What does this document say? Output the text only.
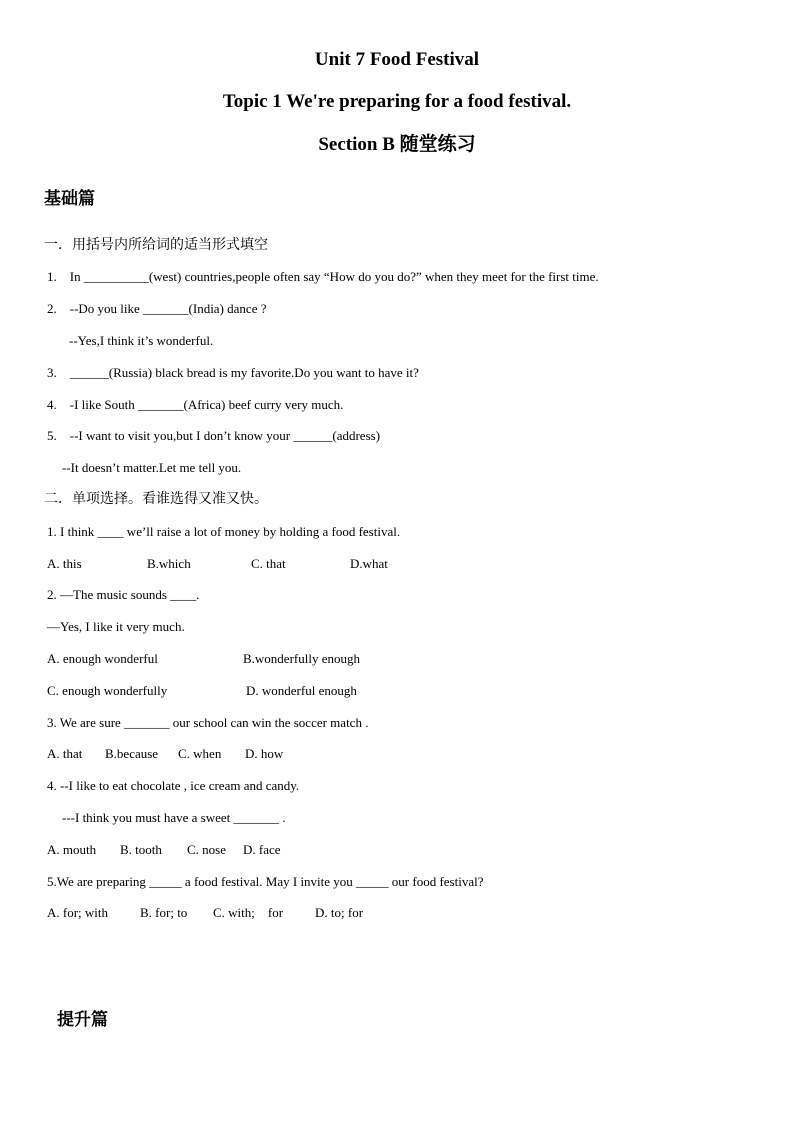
Unit 7 Food Festival
Topic 1 We're preparing for a food festival.
Section B 随堂练习
基础篇
一．用括号内所给词的适当形式填空
1.    In __________(west) countries,people often say “How do you do?” when they meet for the first time.
2.    --Do you like _______(India) dance ?
--Yes,I think it’s wonderful.
3.    ______(Russia) black bread is my favorite.Do you want to have it?
4.    -I like South _______(Africa) beef curry very much.
5.    --I want to visit you,but I don’t know your ______(address)
--It doesn’t matter.Let me tell you.
二．单项选择。看谁选得又准又快。
1. I think ____ we’ll raise a lot of money by holding a food festival.
A. this	B.which	C. that	D.what
2. —The music sounds ____.
—Yes, I like it very much.
A. enough wonderful	B.wonderfully enough
C. enough wonderfully	D. wonderful enough
3. We are sure _______ our school can win the soccer match .
A. that B.because C. when D. how
4. --I like to eat chocolate , ice cream and candy.
---I think you must have a sweet _______ .
A. mouth B. tooth C. nose D. face
5.We are preparing _____ a food festival. May I invite you _____ our food festival?
A. for; with B. for; to C. with;    for D. to; for
提升篇
